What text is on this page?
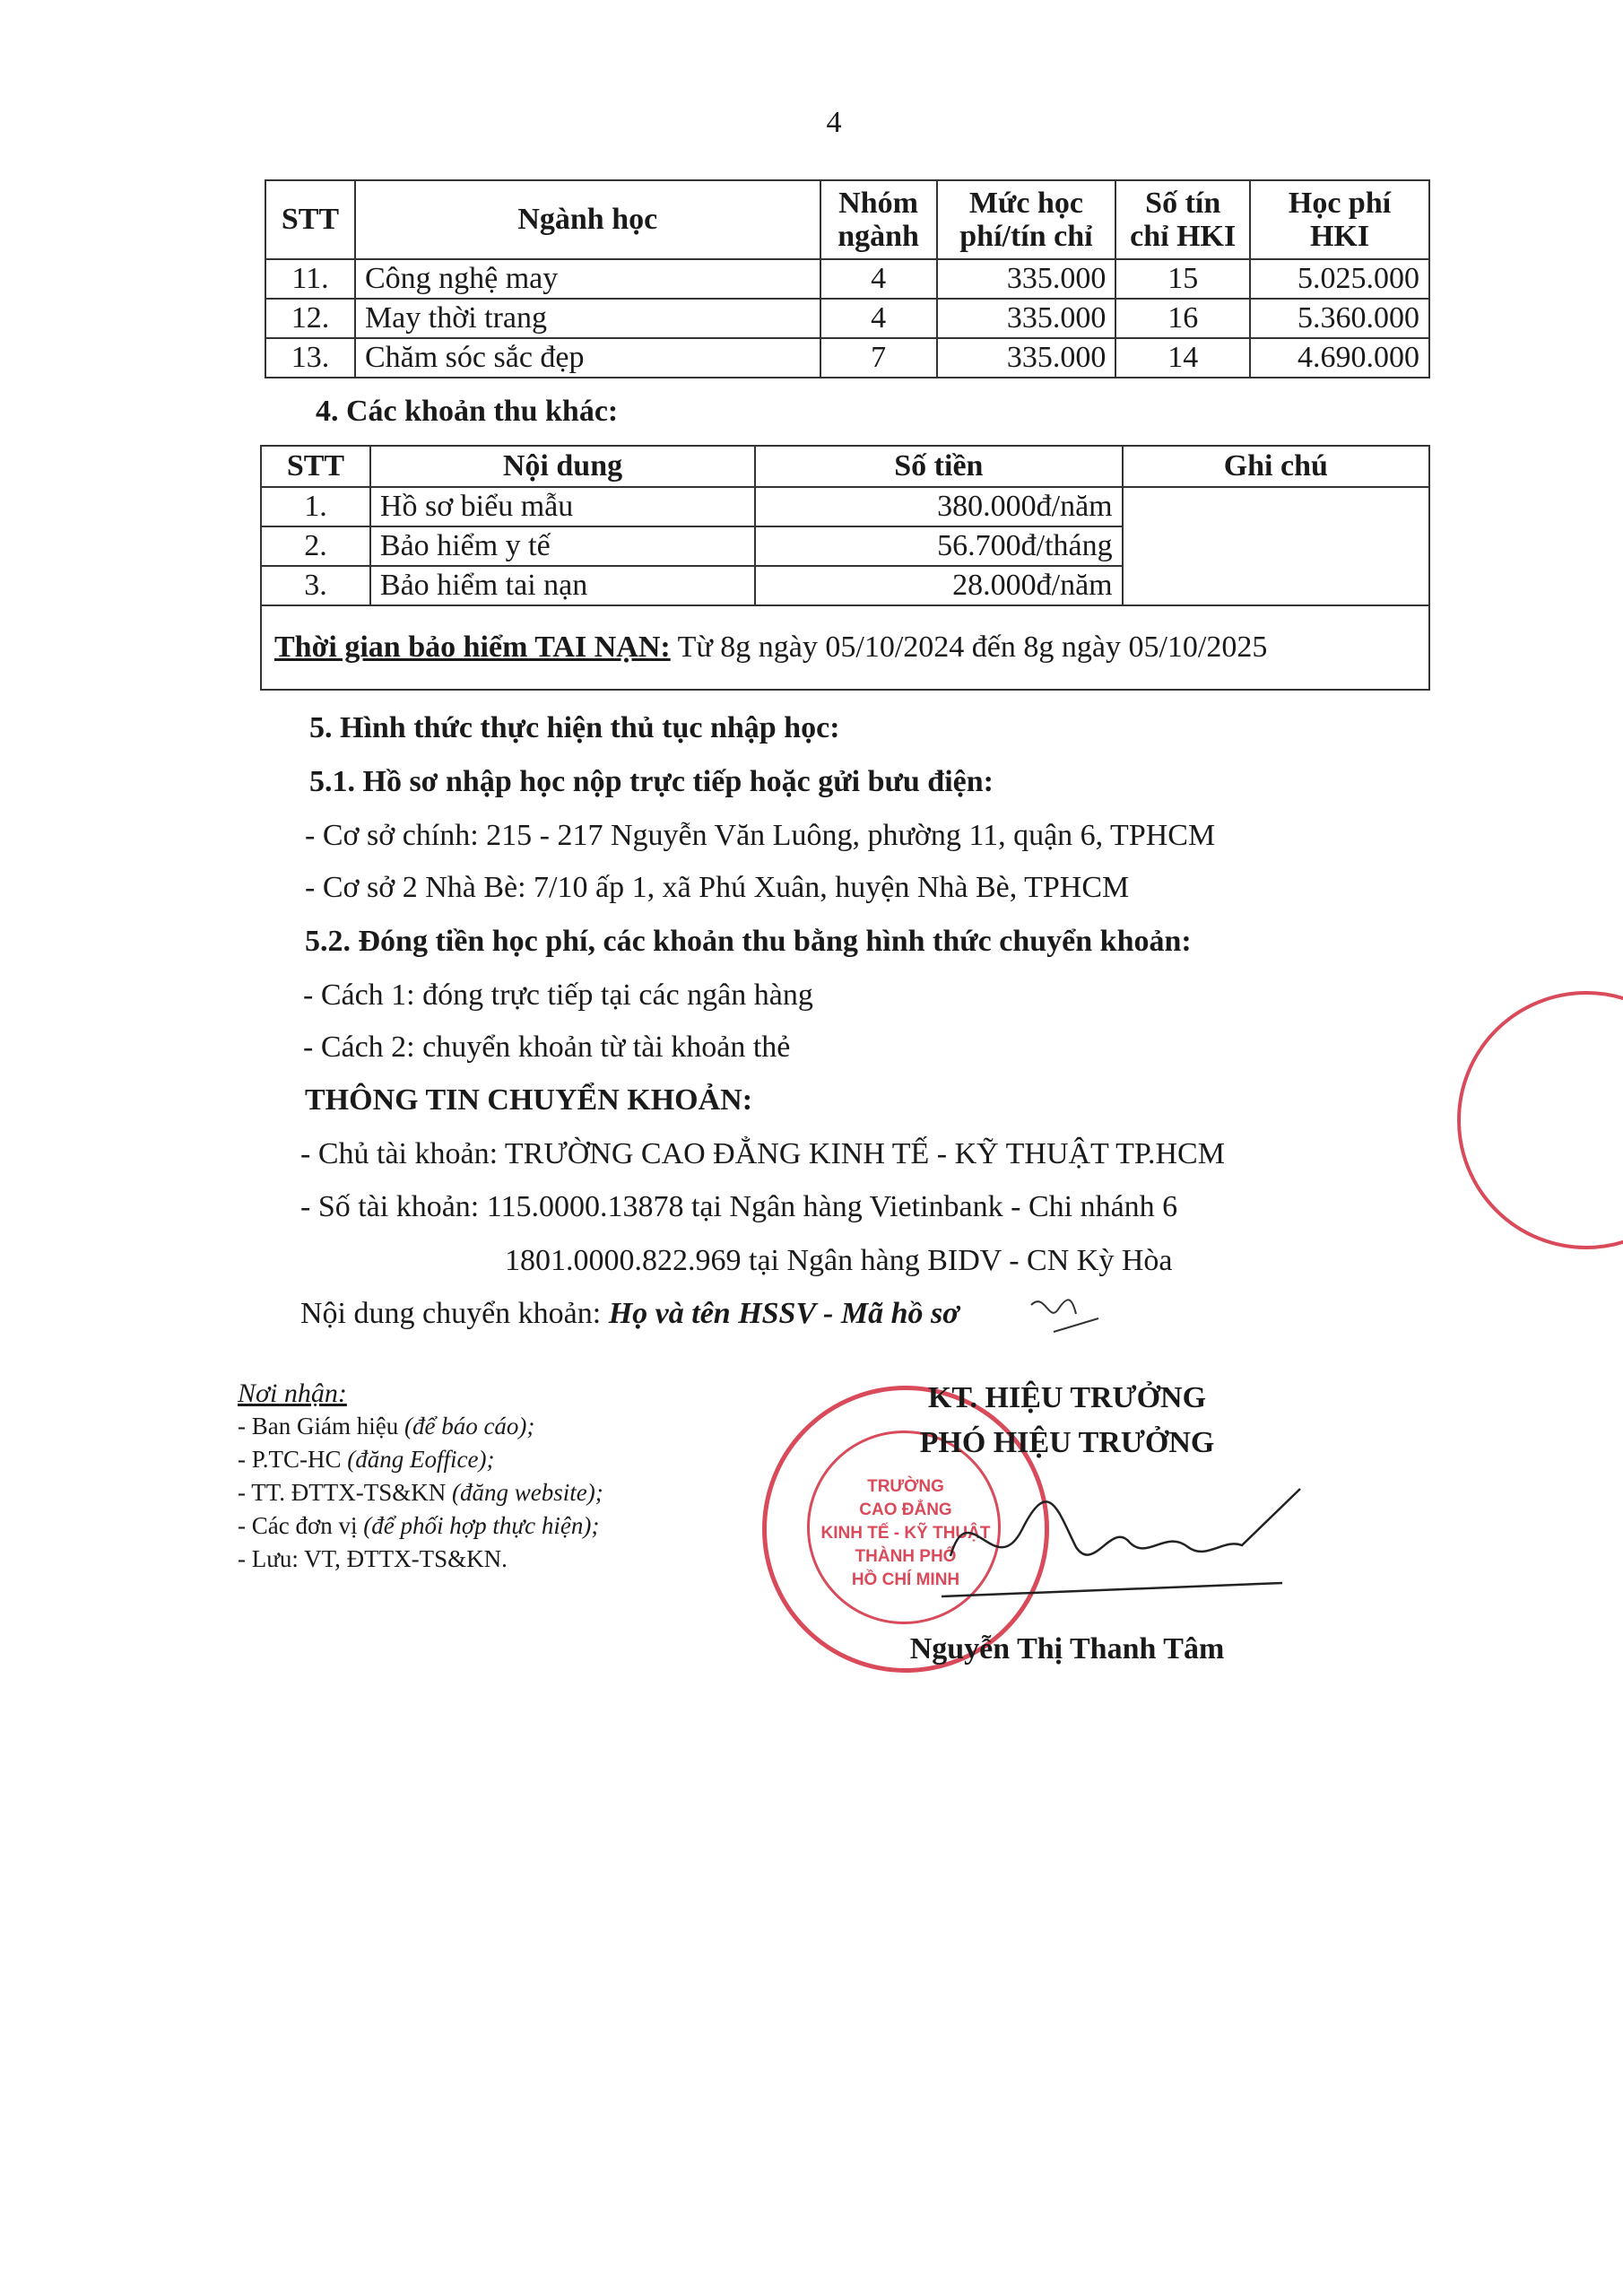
4
STT	Ngành học	Nhóm ngành	Mức học phí/tín chỉ	Số tín chỉ HKI	Học phí HKI
11.	Công nghệ may	4	335.000	15	5.025.000
12.	May thời trang	4	335.000	16	5.360.000
13.	Chăm sóc sắc đẹp	7	335.000	14	4.690.000
4. Các khoản thu khác:
STT	Nội dung	Số tiền	Ghi chú
1.	Hồ sơ biểu mẫu	380.000đ/năm	
2.	Bảo hiểm y tế	56.700đ/tháng	
3.	Bảo hiểm tai nạn	28.000đ/năm	
Thời gian bảo hiểm TAI NẠN: Từ 8g ngày 05/10/2024 đến 8g ngày 05/10/2025			
5. Hình thức thực hiện thủ tục nhập học:
5.1. Hồ sơ nhập học nộp trực tiếp hoặc gửi bưu điện:
- Cơ sở chính: 215 - 217 Nguyễn Văn Luông, phường 11, quận 6, TPHCM
- Cơ sở 2 Nhà Bè: 7/10 ấp 1, xã Phú Xuân, huyện Nhà Bè, TPHCM
5.2. Đóng tiền học phí, các khoản thu bằng hình thức chuyển khoản:
- Cách 1: đóng trực tiếp tại các ngân hàng
- Cách 2: chuyển khoản từ tài khoản thẻ
THÔNG TIN CHUYỂN KHOẢN:
- Chủ tài khoản: TRƯỜNG CAO ĐẲNG KINH TẾ - KỸ THUẬT TP.HCM
- Số tài khoản: 115.0000.13878 tại Ngân hàng Vietinbank - Chi nhánh 6
1801.0000.822.969 tại Ngân hàng BIDV - CN Kỳ Hòa
Nội dung chuyển khoản: Họ và tên HSSV - Mã hồ sơ
Nơi nhận:
- Ban Giám hiệu (để báo cáo);
- P.TC-HC (đăng Eoffice);
- TT. ĐTTX-TS&KN (đăng website);
- Các đơn vị (để phối hợp thực hiện);
- Lưu: VT, ĐTTX-TS&KN.
TRƯỜNG
CAO ĐẲNG
KINH TẾ - KỸ THUẬT
THÀNH PHỐ
HỒ CHÍ MINH
KT. HIỆU TRƯỞNG
PHÓ HIỆU TRƯỞNG
Nguyễn Thị Thanh Tâm
